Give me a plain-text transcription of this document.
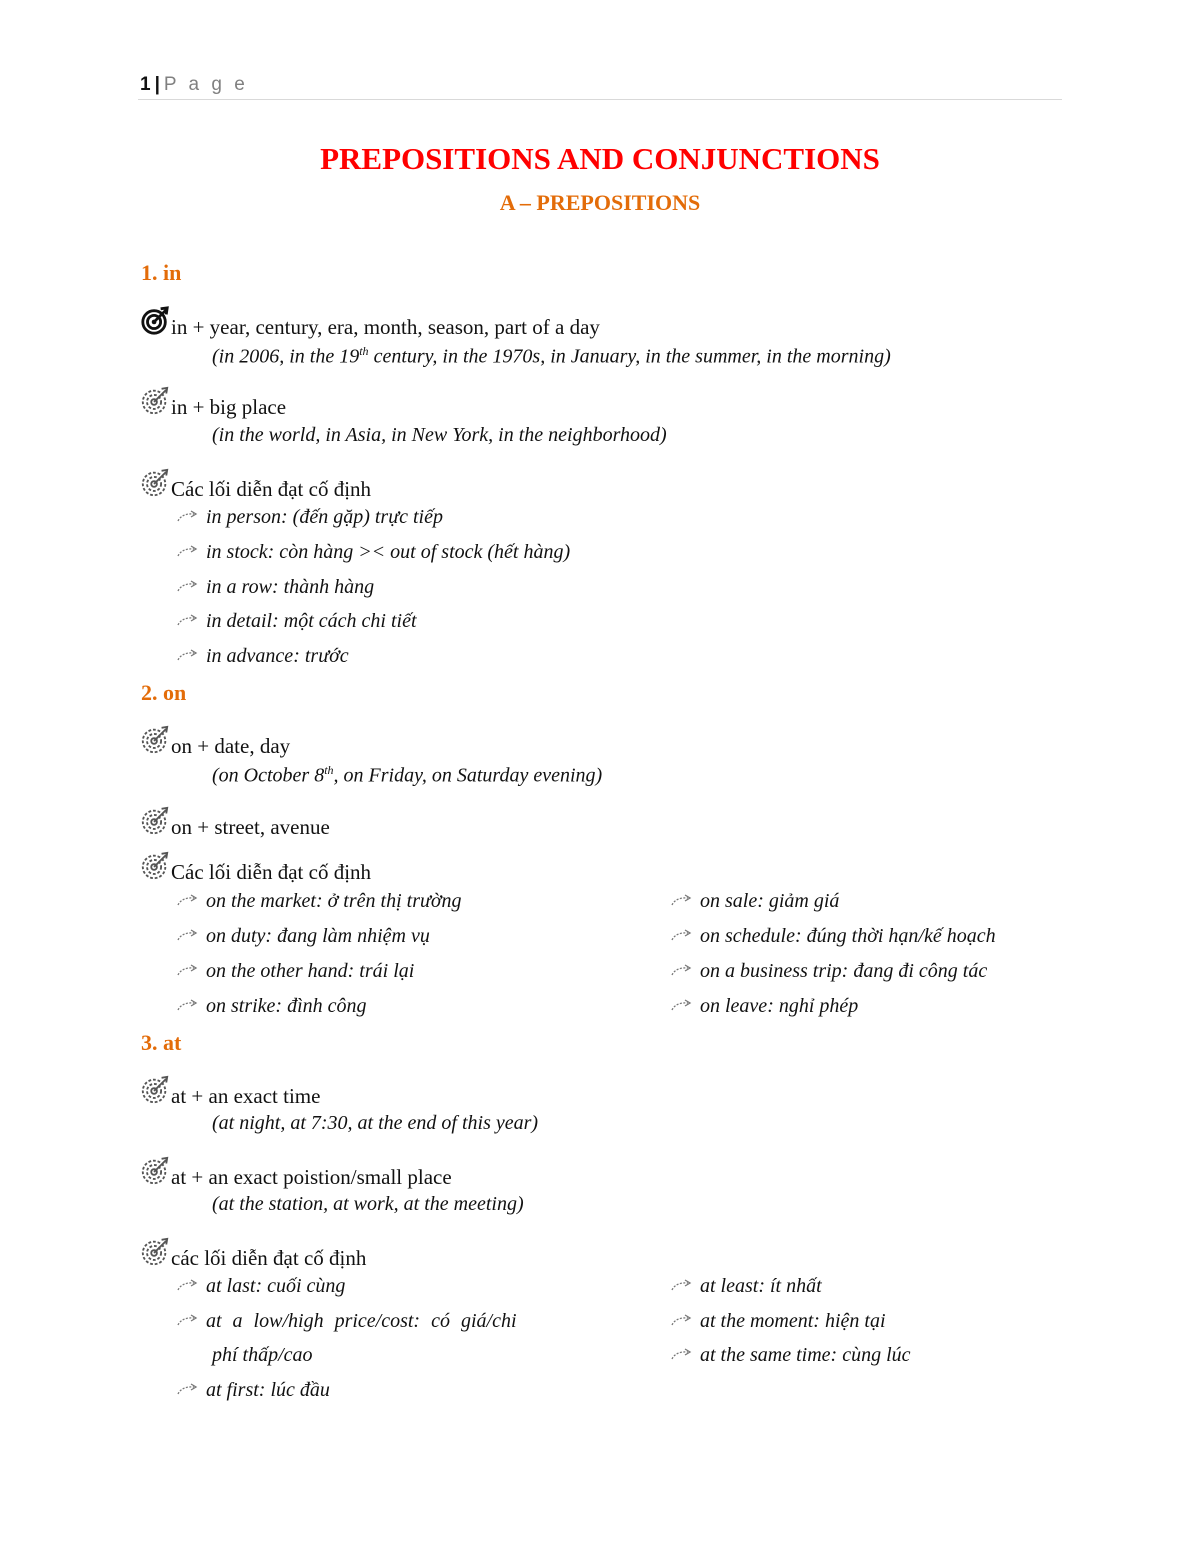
1 | P a g e
PREPOSITIONS AND CONJUNCTIONS
A – PREPOSITIONS
1. in
in + year, century, era, month, season, part of a day
(in 2006, in the 19th century, in the 1970s, in January, in the summer, in the morning)
in + big place
(in the world, in Asia, in New York, in the neighborhood)
Các lối diễn đạt cố định
in person: (đến gặp) trực tiếp
in stock: còn hàng >< out of stock (hết hàng)
in a row: thành hàng
in detail: một cách chi tiết
in advance: trước
2. on
on + date, day
(on October 8th, on Friday, on Saturday evening)
on + street, avenue
Các lối diễn đạt cố định
on the market: ở trên thị trường
on duty: đang làm nhiệm vụ
on the other hand: trái lại
on strike: đình công
on sale: giảm giá
on schedule: đúng thời hạn/kế hoạch
on a business trip: đang đi công tác
on leave: nghỉ phép
3. at
at + an exact time
(at night, at 7:30, at the end of this year)
at + an exact poistion/small place
(at the station, at work, at the meeting)
các lối diễn đạt cố định
at last: cuối cùng
at a low/high price/cost: có giá/chi
phí thấp/cao
at first: lúc đầu
at least: ít nhất
at the moment: hiện tại
at the same time: cùng lúc
